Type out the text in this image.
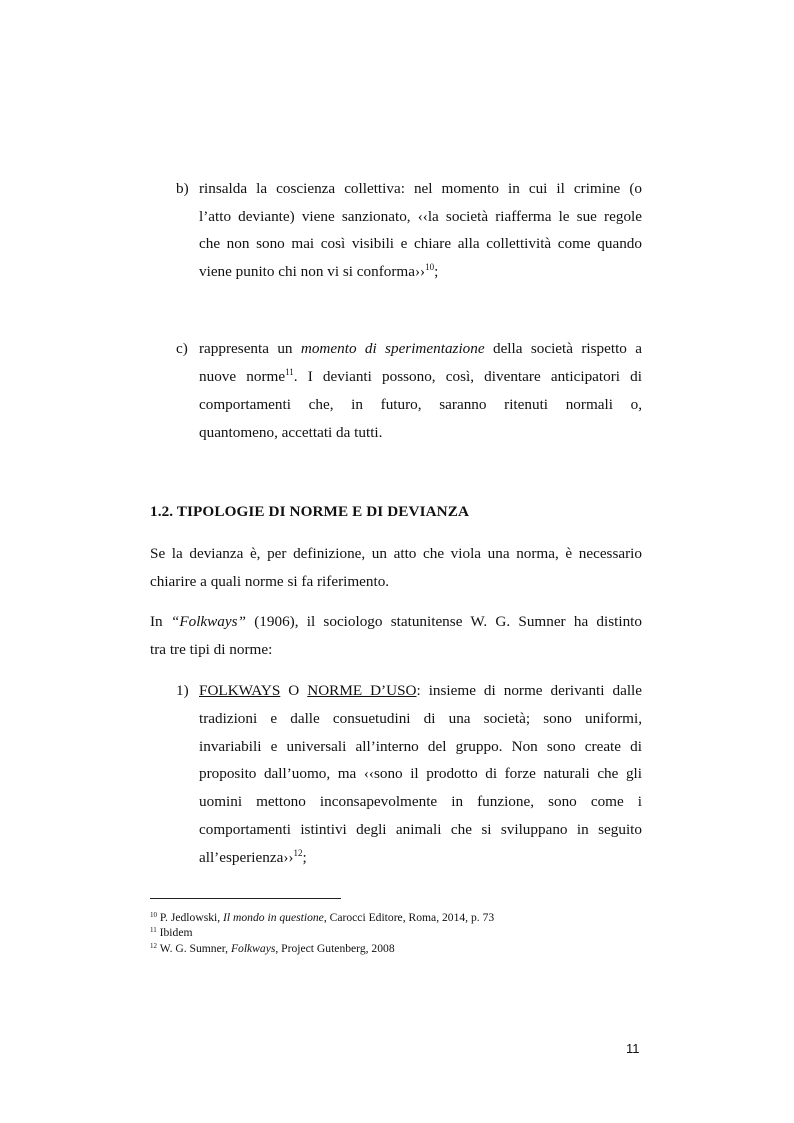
b) rinsalda la coscienza collettiva: nel momento in cui il crimine (o
l’atto deviante) viene sanzionato, ‹‹la società riafferma le sue regole
che non sono mai così visibili e chiare alla collettività come quando
viene punito chi non vi si conforma››$^{10}$;
c) rappresenta un momento di sperimentazione della società rispetto a
nuove norme$^{11}$. I devianti possono, così, diventare anticipatori di
comportamenti che, in futuro, saranno ritenuti normali o,
quantomeno, accettati da tutti.
1.2. TIPOLOGIE DI NORME E DI DEVIANZA
Se la devianza è, per definizione, un atto che viola una norma, è necessario
chiarire a quali norme si fa riferimento.
In “Folkways” (1906), il sociologo statunitense W. G. Sumner ha distinto
tra tre tipi di norme:
1) FOLKWAYS O NORME D’USO: insieme di norme derivanti dalle
tradizioni e dalle consuetudini di una società; sono uniformi,
invariabili e universali all’interno del gruppo. Non sono create di
proposito dall’uomo, ma ‹‹sono il prodotto di forze naturali che gli
uomini mettono inconsapevolmente in funzione, sono come i
comportamenti istintivi degli animali che si sviluppano in seguito
all’esperienza››$^{12}$;
$^{10}$ P. Jedlowski, Il mondo in questione, Carocci Editore, Roma, 2014, p. 73
$^{11}$ Ibidem
$^{12}$ W. G. Sumner, Folkways, Project Gutenberg, 2008
11
